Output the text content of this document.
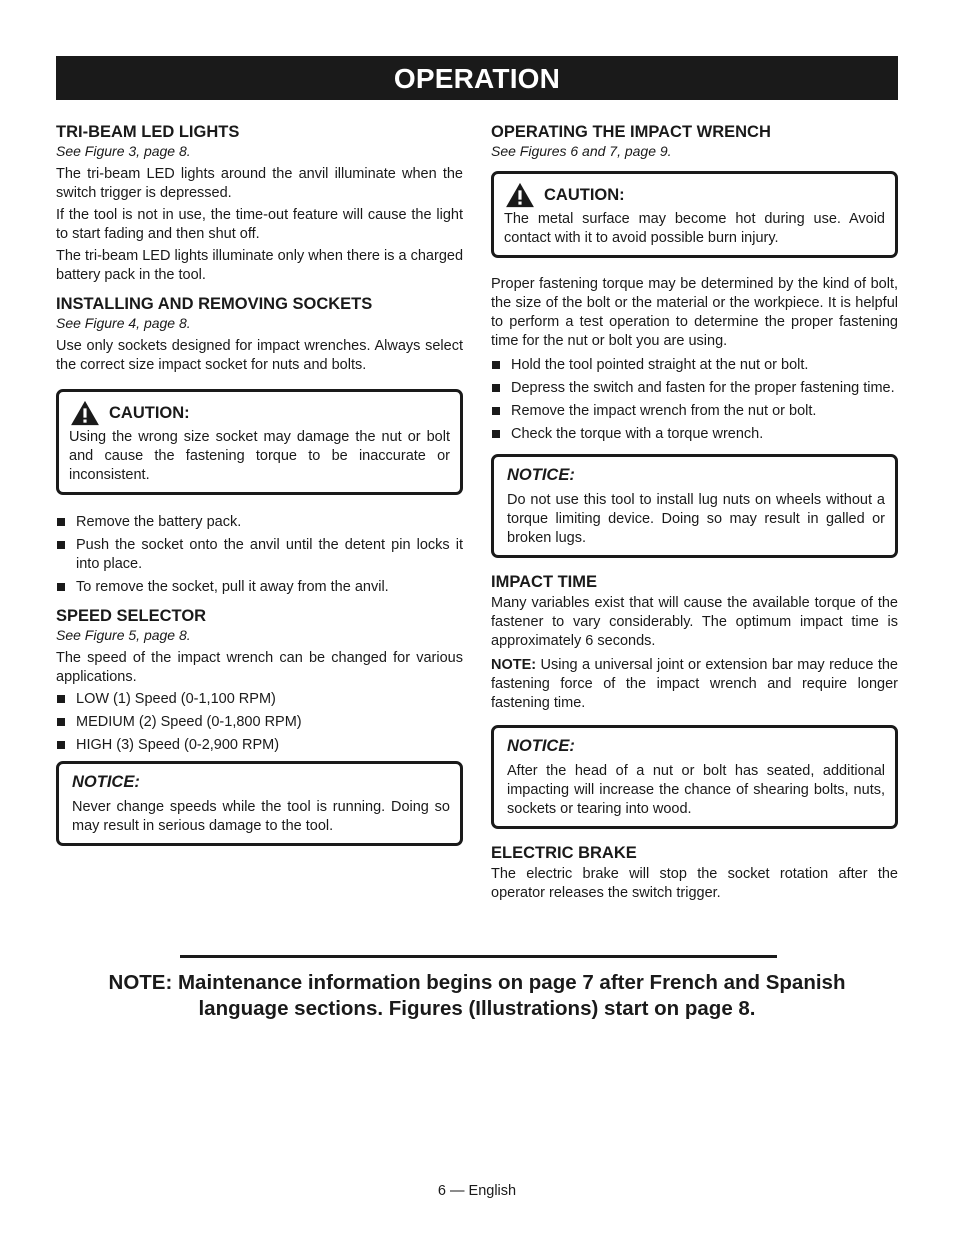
OPERATION
TRI-BEAM LED LIGHTS
See Figure 3, page 8.

The tri-beam LED lights around the anvil illuminate when the switch trigger is depressed.

If the tool is not in use, the time-out feature will cause the light to start fading and then shut off.

The tri-beam LED lights illuminate only when there is a charged battery pack in the tool.

INSTALLING AND REMOVING SOCKETS
See Figure 4, page 8.

Use only sockets designed for impact wrenches. Always select the correct size impact socket for nuts and bolts.

CAUTION:
Using the wrong size socket may damage the nut or bolt and cause the fastening torque to be inaccurate or inconsistent.
Remove the battery pack.
Push the socket onto the anvil until the detent pin locks it into place.
To remove the socket, pull it away from the anvil.
SPEED SELECTOR
See Figure 5, page 8.

The speed of the impact wrench can be changed for various applications.

LOW (1) Speed (0-1,100 RPM)
MEDIUM (2) Speed (0-1,800 RPM)
HIGH (3) Speed (0-2,900 RPM)
NOTICE:
Never change speeds while the tool is running. Doing so may result in serious damage to the tool.
OPERATING THE IMPACT WRENCH
See Figures 6 and 7, page 9.
CAUTION:
The metal surface may become hot during use. Avoid contact with it to avoid possible burn injury.

Proper fastening torque may be determined by the kind of bolt, the size of the bolt or the material or the workpiece. It is helpful to perform a test operation to determine the proper fastening time for the nut or bolt you are using.

Hold the tool pointed straight at the nut or bolt.
Depress the switch and fasten for the proper fastening time.
Remove the impact wrench from the nut or bolt.
Check the torque with a torque wrench.
NOTICE:
Do not use this tool to install lug nuts on wheels without a torque limiting device. Doing so may result in galled or broken lugs.
IMPACT TIME

Many variables exist that will cause the available torque of the fastener to vary considerably. The optimum impact time is approximately 6 seconds.

NOTE: Using a universal joint or extension bar may reduce the fastening force of the impact wrench and require longer fastening time.

NOTICE:
After the head of a nut or bolt has seated, additional impacting will increase the chance of shearing bolts, nuts, sockets or tearing into wood.
ELECTRIC BRAKE

The electric brake will stop the socket rotation after the operator releases the switch trigger.

NOTE: Maintenance information begins on page 7 after French and Spanish language sections. Figures (Illustrations) start on page 8.
6 — English
